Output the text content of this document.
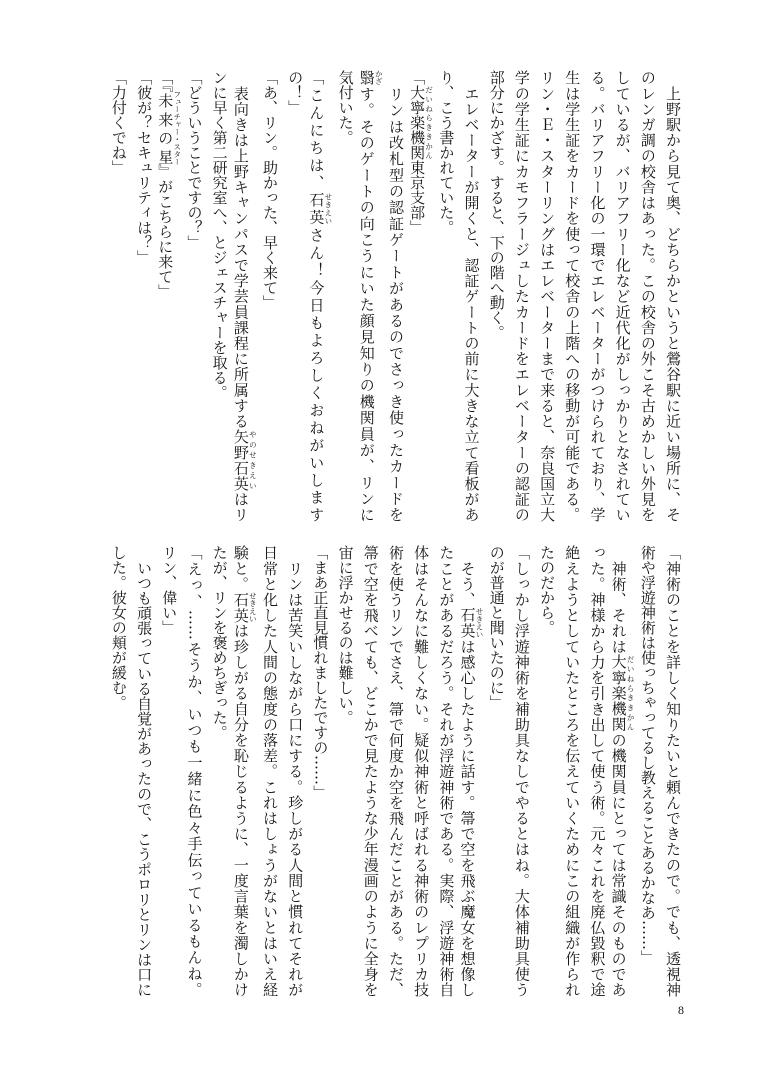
　上野駅から見て奥、どちらかというと鶯谷駅に近い場所に、そ
のレンガ調の校舎はあった。この校舎の外こそ古めかしい外見を
しているが、バリアフリー化など近代化がしっかりとなされてい
る。バリアフリー化の一環でエレベーターがつけられており、学
生は学生証をカードを使って校舎の上階への移動が可能である。
リン・Ｅ・スターリングはエレベーターまで来ると、奈良国立大
学の学生証にカモフラージュしたカードをエレベーターの認証の
部分にかざす。すると、下の階へ動く。
　エレベーターが開くと、認証ゲートの前に大きな立て看板があ
り、こう書かれていた。
「大寧楽機関だいねらききかん東京支部」
　リンは改札型の認証ゲートがあるのでさっき使ったカードを
翳かざす。そのゲートの向こうにいた顔見知りの機関員が、リンに
気付いた。
「こんにちは、石英せきえいさん！今日もよろしくおねがいします
の！」
「あ、リン。助かった、早く来て」
　表向きは上野キャンパスで学芸員課程に所属する矢野石英やのせきえいはリ
ンに早く第二研究室へ、とジェスチャーを取る。
「どういうことですの？」
「『未来の星フューチャー・スター』がこちらに来て」
「彼が？セキュリティは？」
「力付くでね」
「神術のことを詳しく知りたいと頼んできたので。でも、透視神
術や浮遊神術は使っちゃってるし教えることあるかなあ……」
　神術、それは大寧楽機関だいねらききかんの機関員にとっては常識そのものであ
った。神様から力を引き出して使う術。元々これを廃仏毀釈で途
絶えようとしていたところを伝えていくためにこの組織が作られ
たのだから。
「しっかし浮遊神術を補助具なしでやるとはね。大体補助具使う
のが普通と聞いたのに」
　そう、石英せきえいは感心したように話す。箒で空を飛ぶ魔女を想像し
たことがあるだろう。それが浮遊神術である。実際、浮遊神術自
体はそんなに難しくない。疑似神術と呼ばれる神術のレプリカ技
術を使うリンでさえ、箒で何度か空を飛んだことがある。ただ、
箒で空を飛べても、どこかで見たような少年漫画のように全身を
宙に浮かせるのは難しい。
「まあ正直見慣れましたですの……」
　リンは苦笑いしながら口にする。珍しがる人間と慣れてそれが
日常と化した人間の態度の落差。これはしょうがないとはいえ経
験と。石英せきえいは珍しがる自分を恥じるように、一度言葉を濁しかけ
たが、リンを褒めちぎった。
「えっ、……そうか、いつも一緒に色々手伝っているもんね。
リン、偉い」
　いつも頑張っている自覚があったので、こうポロリとリンは口に
した。彼女の頬が緩む。
8
